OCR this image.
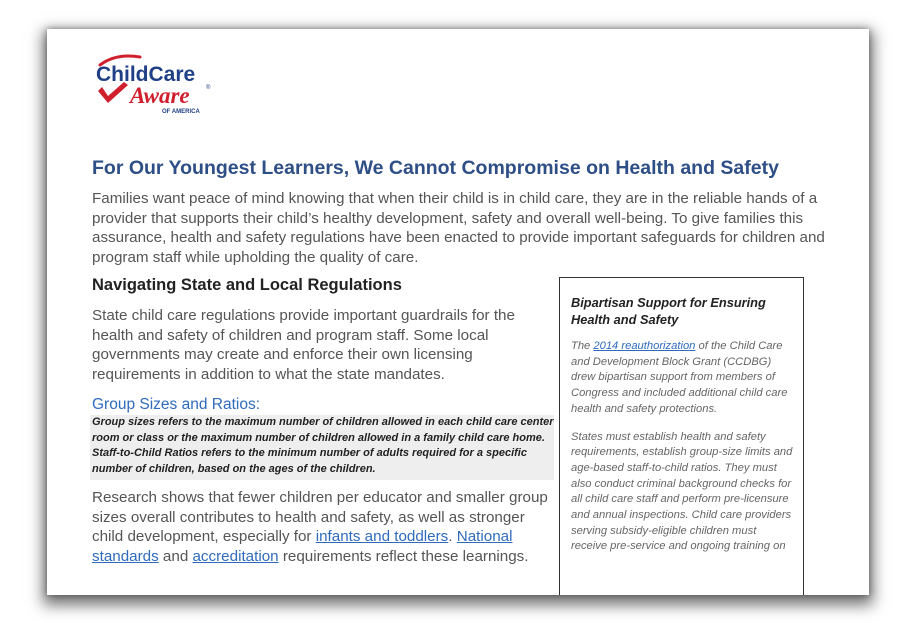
ChildCare
Aware	®
OF AMERICA
For Our Youngest Learners, We Cannot Compromise on Health and Safety
Families want peace of mind knowing that when their child is in child care, they are in the reliable hands of a provider that supports their child’s healthy development, safety and overall well-being. To give families this assurance, health and safety regulations have been enacted to provide important safeguards for children and program staff while upholding the quality of care.
Navigating State and Local Regulations
State child care regulations provide important guardrails for the health and safety of children and program staff. Some local governments may create and enforce their own licensing requirements in addition to what the state mandates.
Group Sizes and Ratios:
Group sizes refers to the maximum number of children allowed in each child care center room or class or the maximum number of children allowed in a family child care home. Staff-to-Child Ratios refers to the minimum number of adults required for a specific number of children, based on the ages of the children.
Research shows that fewer children per educator and smaller group sizes overall contributes to health and safety, as well as stronger child development, especially for infants and toddlers. National standards and accreditation requirements reflect these learnings.
Bipartisan Support for Ensuring Health and Safety

The 2014 reauthorization of the Child Care and Development Block Grant (CCDBG) drew bipartisan support from members of Congress and included additional child care health and safety protections.

States must establish health and safety requirements, establish group-size limits and age-based staff-to-child ratios. They must also conduct criminal background checks for all child care staff and perform pre-licensure and annual inspections. Child care providers serving subsidy-eligible children must receive pre-service and ongoing training on
